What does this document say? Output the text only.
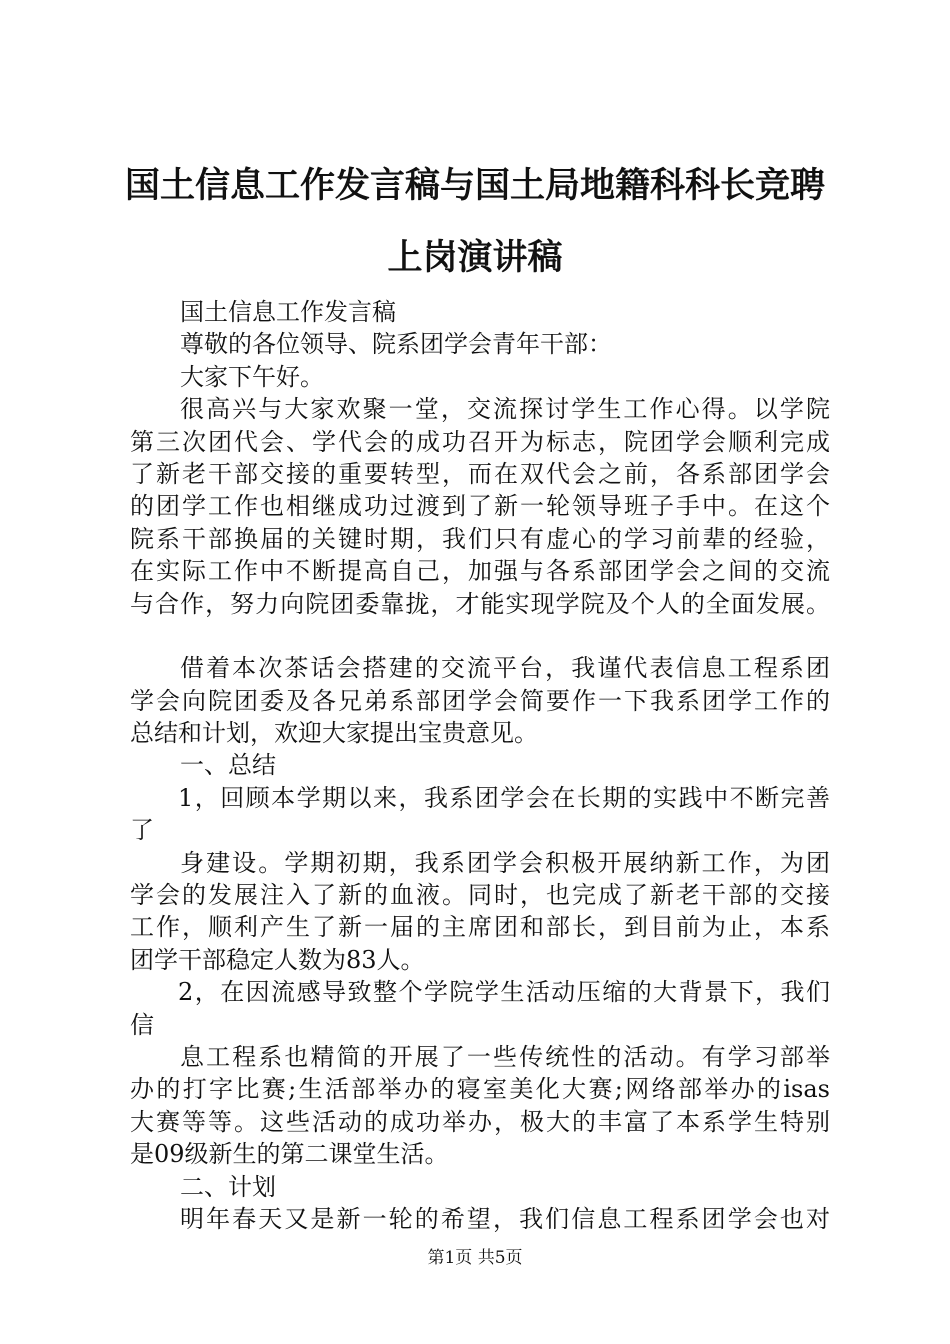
国土信息工作发言稿与国土局地籍科科长竞聘
上岗演讲稿
国土信息工作发言稿
尊敬的各位领导、院系团学会青年干部：
大家下午好。
很高兴与大家欢聚一堂，交流探讨学生工作心得。以学院
第三次团代会、学代会的成功召开为标志，院团学会顺利完成
了新老干部交接的重要转型，而在双代会之前，各系部团学会
的团学工作也相继成功过渡到了新一轮领导班子手中。在这个
院系干部换届的关键时期，我们只有虚心的学习前辈的经验，
在实际工作中不断提高自己，加强与各系部团学会之间的交流
与合作，努力向院团委靠拢，才能实现学院及个人的全面发展。
借着本次茶话会搭建的交流平台，我谨代表信息工程系团
学会向院团委及各兄弟系部团学会简要作一下我系团学工作的
总结和计划，欢迎大家提出宝贵意见。
一、总结
1，回顾本学期以来，我系团学会在长期的实践中不断完善
了
身建设。学期初期，我系团学会积极开展纳新工作，为团
学会的发展注入了新的血液。同时，也完成了新老干部的交接
工作，顺利产生了新一届的主席团和部长，到目前为止，本系
团学干部稳定人数为83人。
2，在因流感导致整个学院学生活动压缩的大背景下，我们
信
息工程系也精简的开展了一些传统性的活动。有学习部举
办的打字比赛;生活部举办的寝室美化大赛;网络部举办的isas
大赛等等。这些活动的成功举办，极大的丰富了本系学生特别
是09级新生的第二课堂生活。
二、计划
明年春天又是新一轮的希望，我们信息工程系团学会也对
第1页 共5页
